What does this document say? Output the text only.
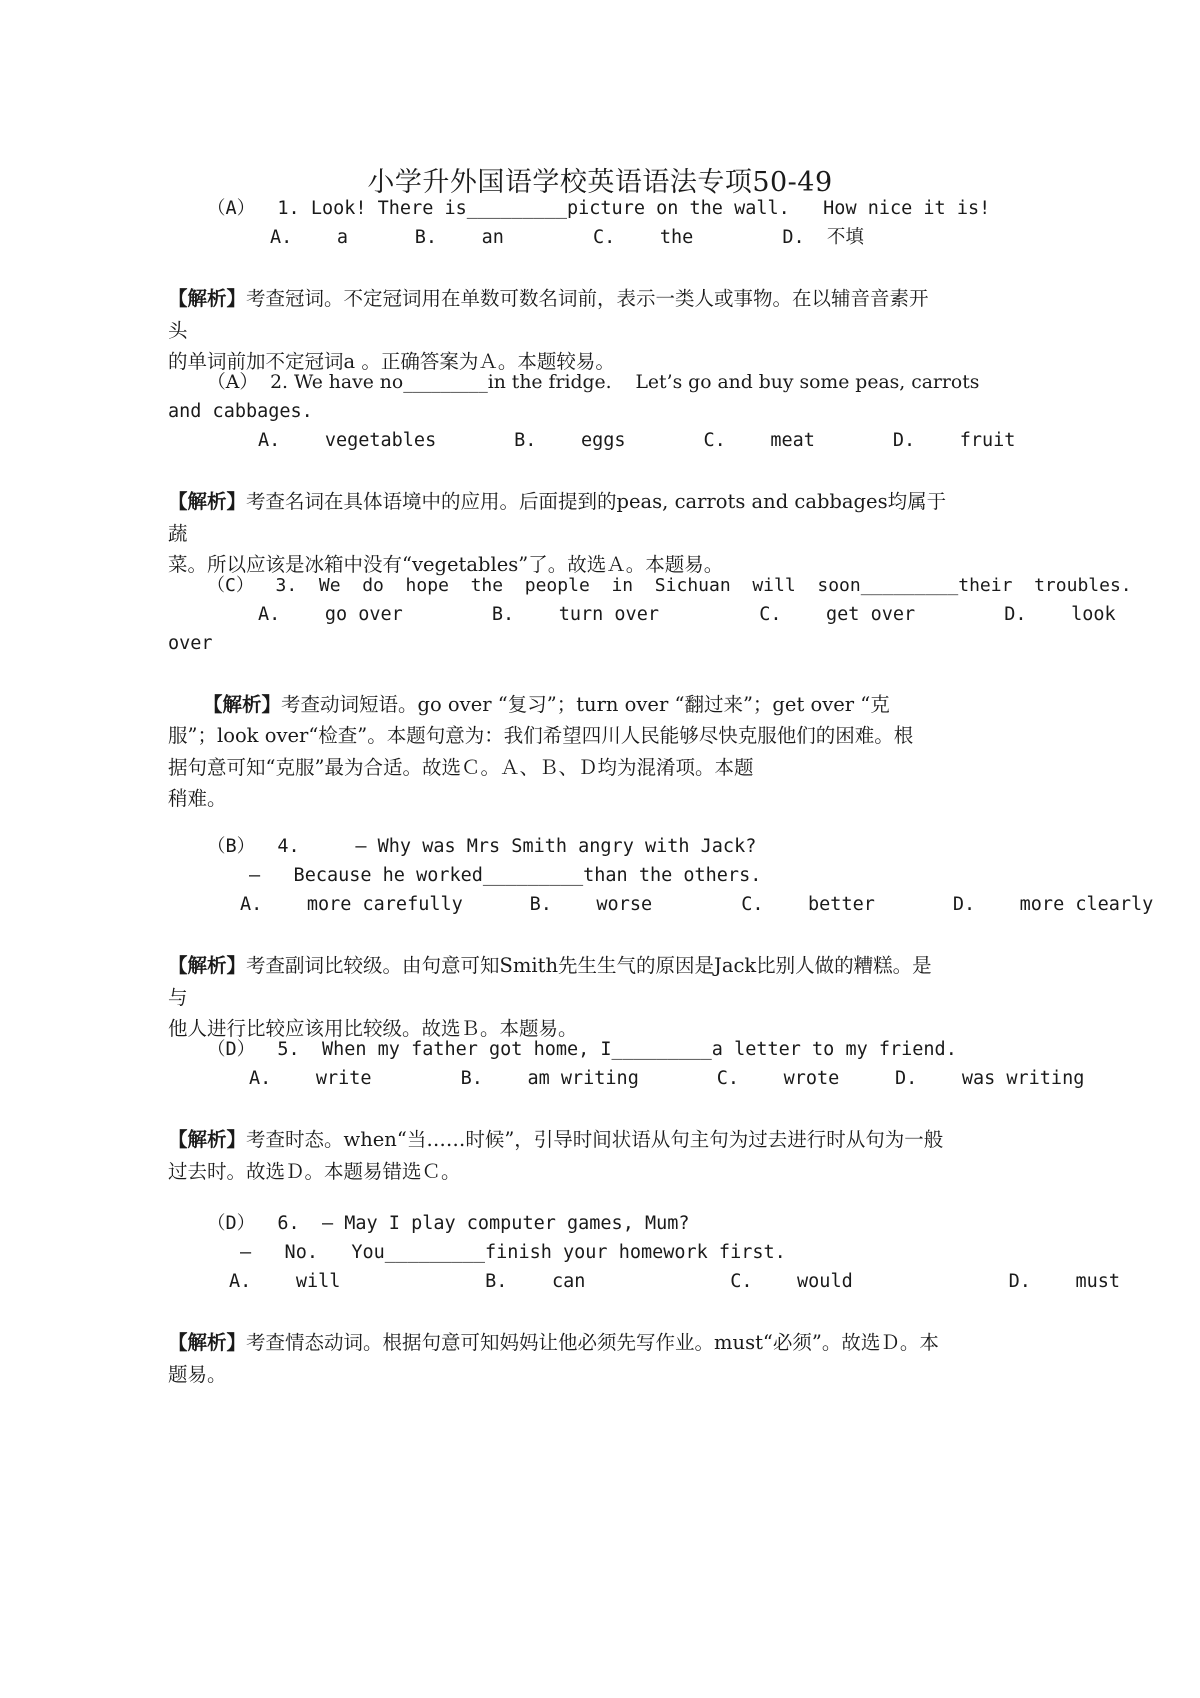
小学升外国语学校英语语法专项50-49
（A）  1. Look! There is_________picture on the wall.   How nice it is!
A.    a      B.    an        C.    the        D.  不填

【解析】考查冠词。不定冠词用在单数可数名词前，表示一类人或事物。在以辅音音素开头

的单词前加不定冠词a 。正确答案为Ａ。本题较易。

（A）  2. We have no_________in the fridge.    Let’s go and buy some peas, carrots
and cabbages.
A.    vegetables       B.    eggs       C.    meat       D.    fruit

【解析】考查名词在具体语境中的应用。后面提到的peas, carrots and cabbages均属于蔬

菜。所以应该是冰箱中没有“vegetables”了。故选Ａ。本题易。

（C）  3.  We  do  hope  the  people  in  Sichuan  will  soon_________their  troubles.
A.    go over        B.    turn over         C.    get over        D.    look
over

【解析】考查动词短语。go over “复习”；turn over “翻过来”；get over “克

服”；look over“检查”。本题句意为：我们希望四川人民能够尽快克服他们的困难。根

据句意可知“克服”最为合适。故选Ｃ。Ａ、Ｂ、Ｄ均为混淆项。本题

稍难。

（B）  4.     — Why was Mrs Smith angry with Jack?
—   Because he worked_________than the others.
A.    more carefully      B.    worse        C.    better       D.    more clearly

【解析】考查副词比较级。由句意可知Smith先生生气的原因是Jack比别人做的糟糕。是与

他人进行比较应该用比较级。故选Ｂ。本题易。

（D）  5.  When my father got home, I_________a letter to my friend.
A.    write        B.    am writing       C.    wrote     D.    was writing

【解析】考查时态。when“当……时候”，引导时间状语从句主句为过去进行时从句为一般

过去时。故选Ｄ。本题易错选Ｃ。

（D）  6.  — May I play computer games, Mum?
—   No.   You_________finish your homework first.
A.    will             B.    can             C.    would              D.    must

【解析】考查情态动词。根据句意可知妈妈让他必须先写作业。must“必须”。故选Ｄ。本

题易。
